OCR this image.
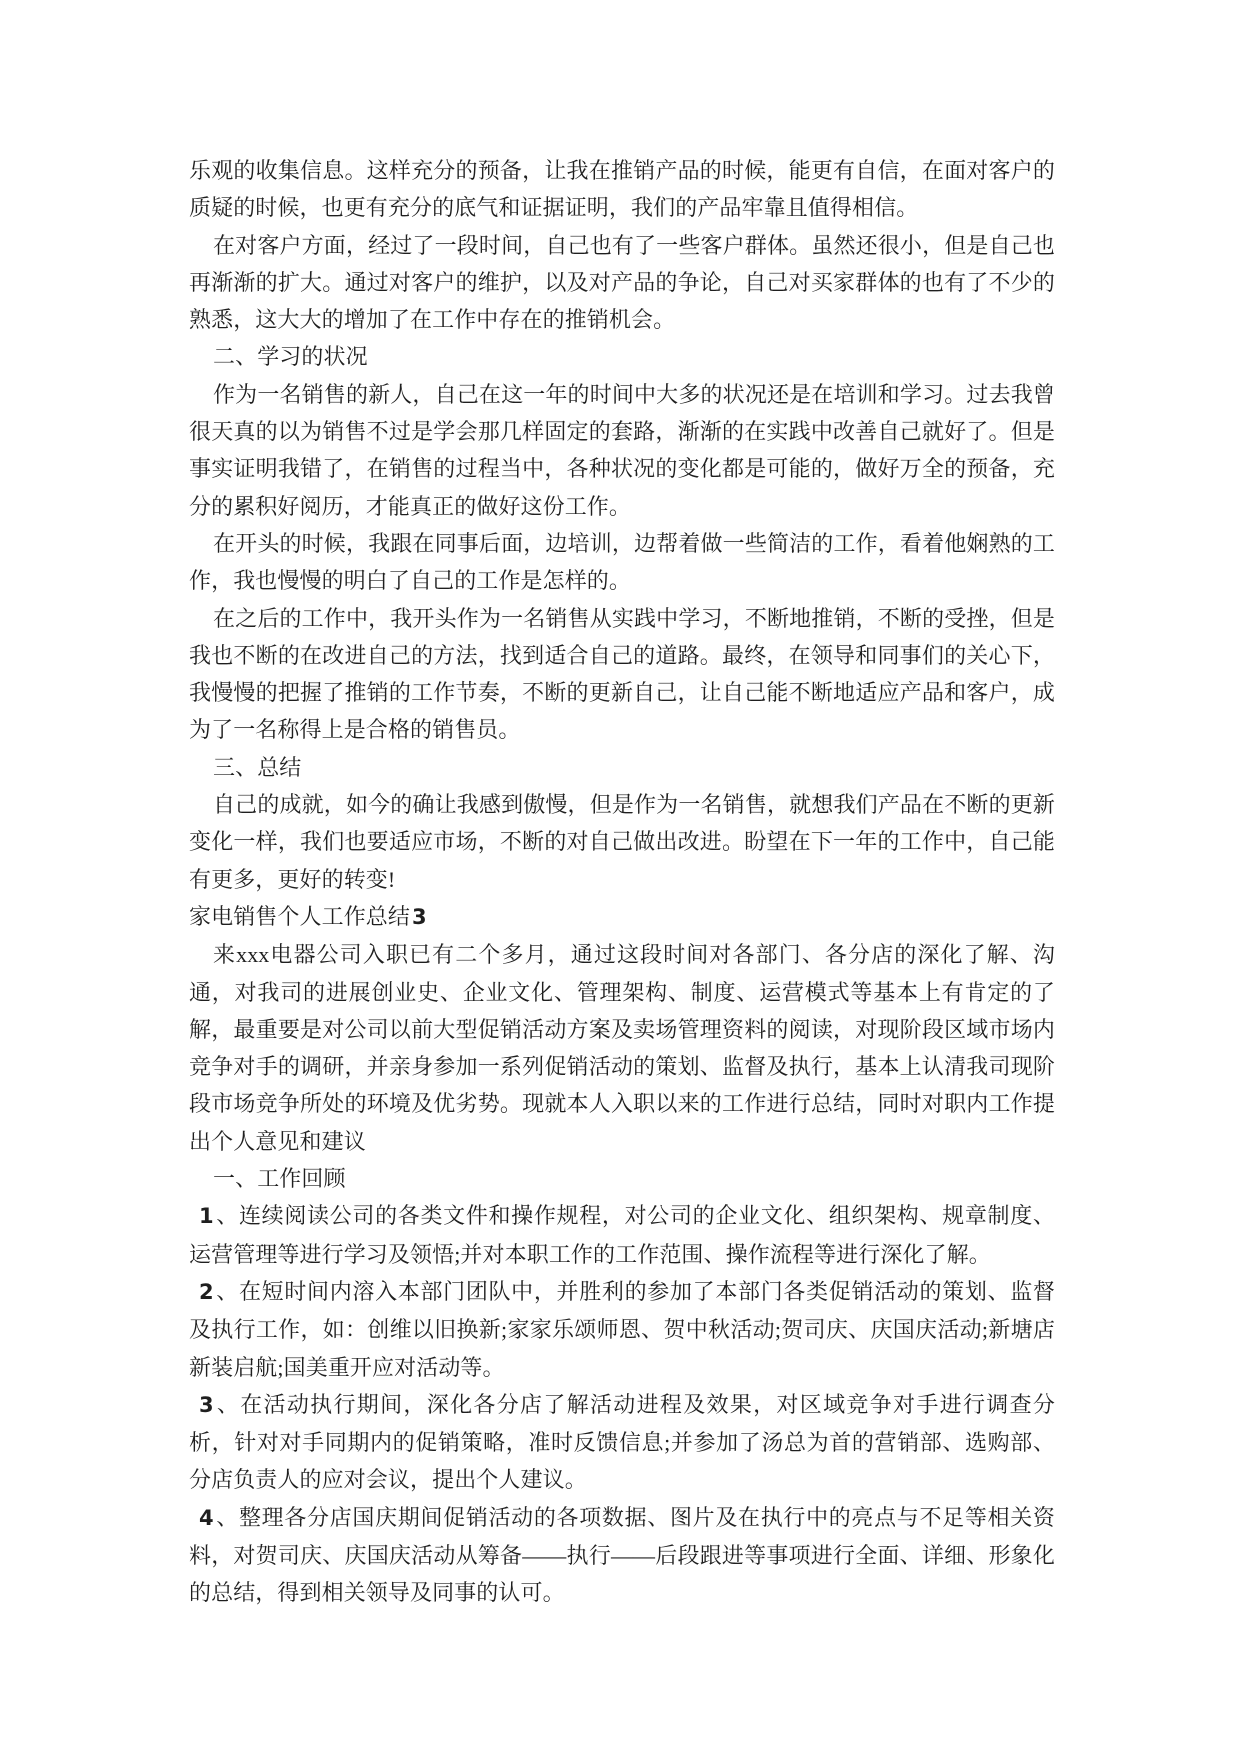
乐观的收集信息。这样充分的预备，让我在推销产品的时候，能更有自信，在面对客户的质疑的时候，也更有充分的底气和证据证明，我们的产品牢靠且值得相信。

在对客户方面，经过了一段时间，自己也有了一些客户群体。虽然还很小，但是自己也再渐渐的扩大。通过对客户的维护，以及对产品的争论，自己对买家群体的也有了不少的熟悉，这大大的增加了在工作中存在的推销机会。

二、学习的状况

作为一名销售的新人，自己在这一年的时间中大多的状况还是在培训和学习。过去我曾很天真的以为销售不过是学会那几样固定的套路，渐渐的在实践中改善自己就好了。但是事实证明我错了，在销售的过程当中，各种状况的变化都是可能的，做好万全的预备，充分的累积好阅历，才能真正的做好这份工作。

在开头的时候，我跟在同事后面，边培训，边帮着做一些简洁的工作，看着他娴熟的工作，我也慢慢的明白了自己的工作是怎样的。

在之后的工作中，我开头作为一名销售从实践中学习，不断地推销，不断的受挫，但是我也不断的在改进自己的方法，找到适合自己的道路。最终，在领导和同事们的关心下，我慢慢的把握了推销的工作节奏，不断的更新自己，让自己能不断地适应产品和客户，成为了一名称得上是合格的销售员。

三、总结

自己的成就，如今的确让我感到傲慢，但是作为一名销售，就想我们产品在不断的更新变化一样，我们也要适应市场，不断的对自己做出改进。盼望在下一年的工作中，自己能有更多，更好的转变!

家电销售个人工作总结3

来xxx电器公司入职已有二个多月，通过这段时间对各部门、各分店的深化了解、沟通，对我司的进展创业史、企业文化、管理架构、制度、运营模式等基本上有肯定的了解，最重要是对公司以前大型促销活动方案及卖场管理资料的阅读，对现阶段区域市场内竞争对手的调研，并亲身参加一系列促销活动的策划、监督及执行，基本上认清我司现阶段市场竞争所处的环境及优劣势。现就本人入职以来的工作进行总结，同时对职内工作提出个人意见和建议

一、工作回顾

1、连续阅读公司的各类文件和操作规程，对公司的企业文化、组织架构、规章制度、运营管理等进行学习及领悟;并对本职工作的工作范围、操作流程等进行深化了解。

2、在短时间内溶入本部门团队中，并胜利的参加了本部门各类促销活动的策划、监督及执行工作，如：创维以旧换新;家家乐颂师恩、贺中秋活动;贺司庆、庆国庆活动;新塘店新装启航;国美重开应对活动等。

3、在活动执行期间，深化各分店了解活动进程及效果，对区域竞争对手进行调查分析，针对对手同期内的促销策略，准时反馈信息;并参加了汤总为首的营销部、选购部、分店负责人的应对会议，提出个人建议。

4、整理各分店国庆期间促销活动的各项数据、图片及在执行中的亮点与不足等相关资料，对贺司庆、庆国庆活动从筹备——执行——后段跟进等事项进行全面、详细、形象化的总结，得到相关领导及同事的认可。
